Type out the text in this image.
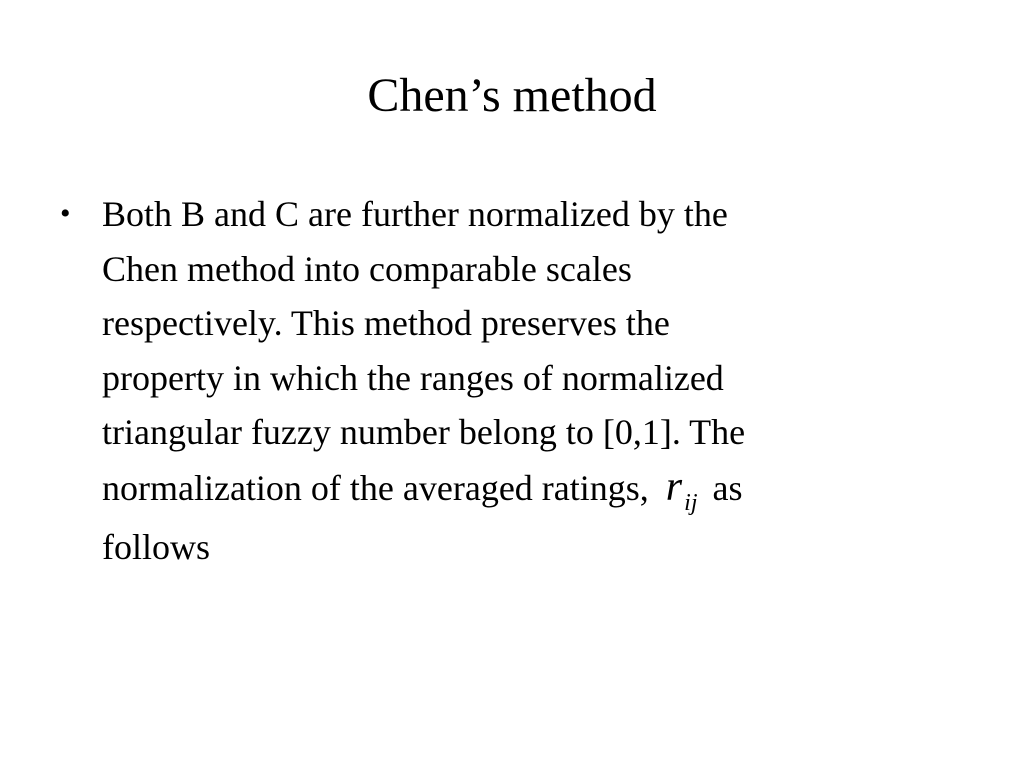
Chen’s method
• Both B and C are further normalized by the
Chen method into comparable scales
respectively. This method preserves the
property in which the ranges of normalized
triangular fuzzy number belong to [0,1]. The
normalization of the averaged ratings, $r_{ij}$ as
follows
